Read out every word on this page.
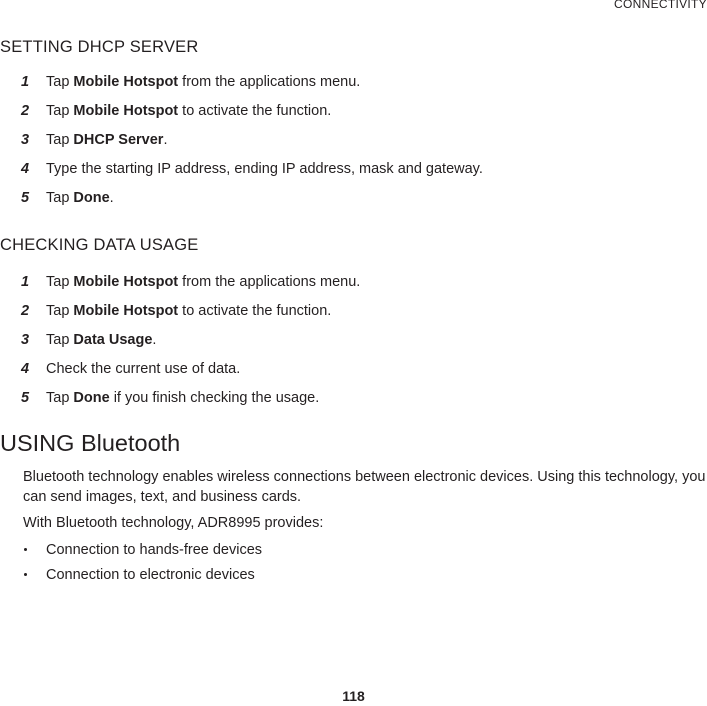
CONNECTIVITY
SETTING DHCP SERVER
1 Tap Mobile Hotspot from the applications menu.
2 Tap Mobile Hotspot to activate the function.
3 Tap DHCP Server.
4 Type the starting IP address, ending IP address, mask and gateway.
5 Tap Done.
CHECKING DATA USAGE
1 Tap Mobile Hotspot from the applications menu.
2 Tap Mobile Hotspot to activate the function.
3 Tap Data Usage.
4 Check the current use of data.
5 Tap Done if you finish checking the usage.
USING Bluetooth
Bluetooth technology enables wireless connections between electronic devices. Using this technology, you can send images, text, and business cards.
With Bluetooth technology, ADR8995 provides:
Connection to hands-free devices
Connection to electronic devices
118
